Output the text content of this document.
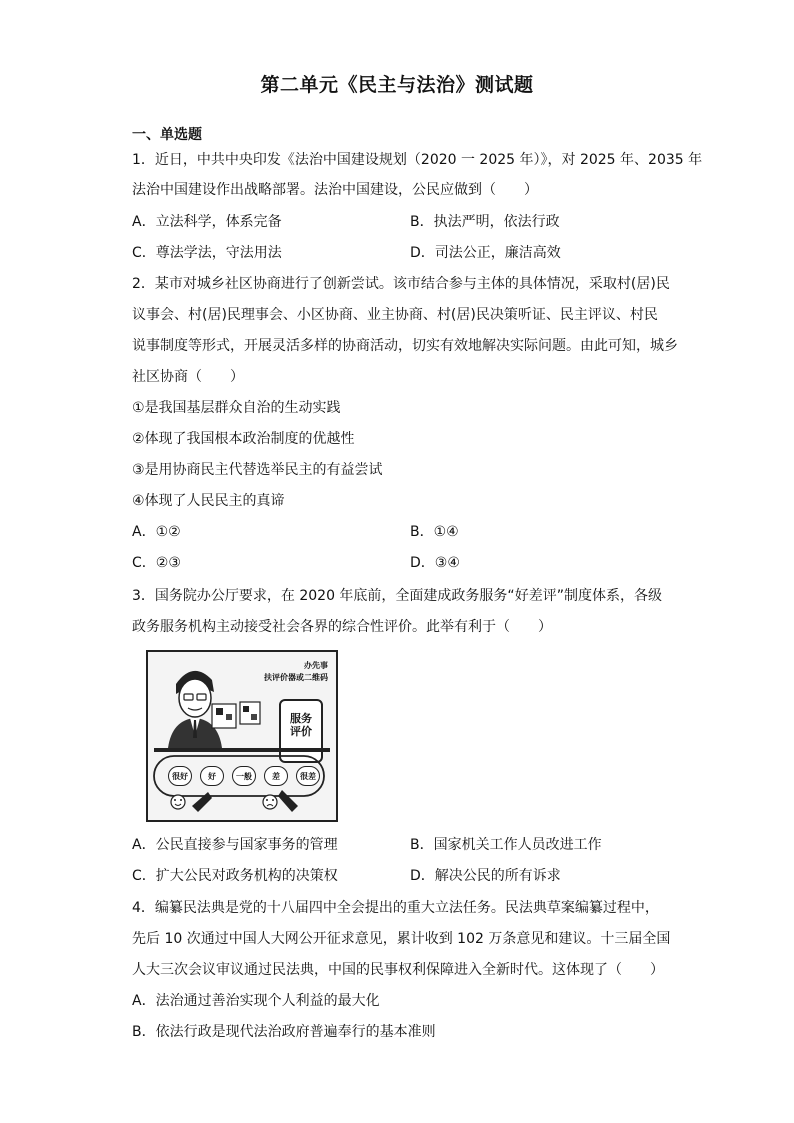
第二单元《民主与法治》测试题
一、单选题
1．近日，中共中央印发《法治中国建设规划（2020 一 2025 年）》，对 2025 年、2035 年
法治中国建设作出战略部署。法治中国建设，公民应做到（　　）
A．立法科学，体系完备	B．执法严明，依法行政
C．尊法学法，守法用法	D．司法公正，廉洁高效
2．某市对城乡社区协商进行了创新尝试。该市结合参与主体的具体情况，采取村(居)民
议事会、村(居)民理事会、小区协商、业主协商、村(居)民决策听证、民主评议、村民
说事制度等形式，开展灵活多样的协商活动，切实有效地解决实际问题。由此可知，城乡
社区协商（　　）
①是我国基层群众自治的生动实践
②体现了我国根本政治制度的优越性
③是用协商民主代替选举民主的有益尝试
④体现了人民民主的真谛
A．①②	B．①④
C．②③	D．③④
3．国务院办公厅要求，在 2020 年底前，全面建成政务服务“好差评”制度体系，各级
政务服务机构主动接受社会各界的综合性评价。此举有利于（　　）
办先事
扶评价器或二维码
服务评价
很好	好	一般	差	很差
A．公民直接参与国家事务的管理	B．国家机关工作人员改进工作
C．扩大公民对政务机构的决策权	D．解决公民的所有诉求
4．编纂民法典是党的十八届四中全会提出的重大立法任务。民法典草案编纂过程中，
先后 10 次通过中国人大网公开征求意见，累计收到 102 万条意见和建议。十三届全国
人大三次会议审议通过民法典，中国的民事权利保障进入全新时代。这体现了（　　）
A．法治通过善治实现个人利益的最大化
B．依法行政是现代法治政府普遍奉行的基本准则
